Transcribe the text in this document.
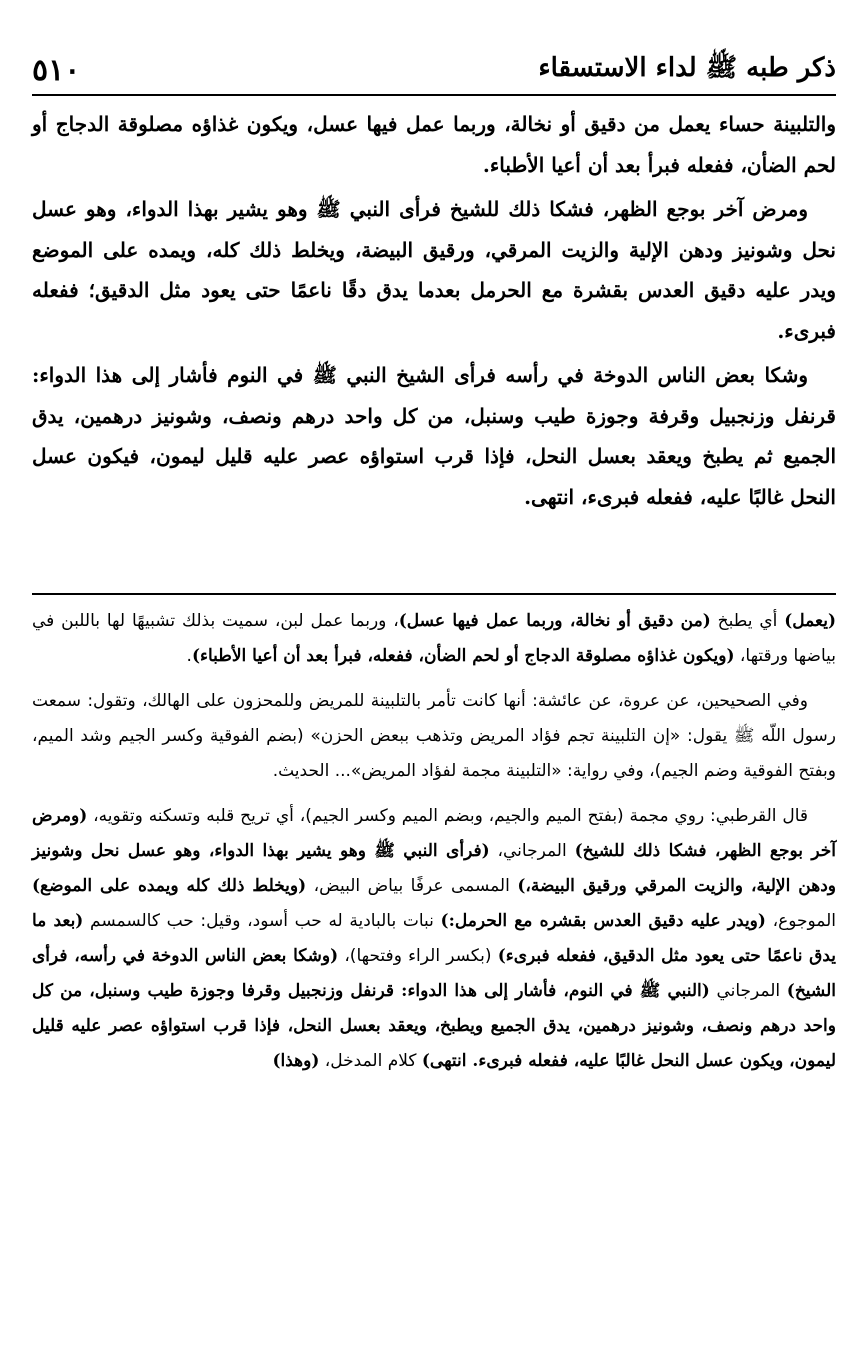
ذكر طبه ﷺ لداء الاستسقاء
٥١٠

والتلبينة حساء يعمل من دقيق أو نخالة، وربما عمل فيها عسل، ويكون غذاؤه مصلوقة الدجاج أو لحم الضأن، ففعله فبرأ بعد أن أعيا الأطباء.

ومرض آخر بوجع الظهر، فشكا ذلك للشيخ فرأى النبي ﷺ وهو يشير بهذا الدواء، وهو عسل نحل وشونيز ودهن الإلية والزيت المرقي، ورقيق البيضة، ويخلط ذلك كله، ويمده على الموضع ويدر عليه دقيق العدس بقشرة مع الحرمل بعدما يدق دقًا ناعمًا حتى يعود مثل الدقيق؛ ففعله فبرىء.

وشكا بعض الناس الدوخة في رأسه فرأى الشيخ النبي ﷺ في النوم فأشار إلى هذا الدواء: قرنفل وزنجبيل وقرفة وجوزة طيب وسنبل، من كل واحد درهم ونصف، وشونيز درهمين، يدق الجميع ثم يطبخ ويعقد بعسل النحل، فإذا قرب استواؤه عصر عليه قليل ليمون، فيكون عسل النحل غالبًا عليه، ففعله فبرىء، انتهى.

(يعمل) أي يطبخ (من دقيق أو نخالة، وربما عمل فيها عسل)، وربما عمل لبن، سميت بذلك تشبيهًا لها باللبن في بياضها ورقتها، (ويكون غذاؤه مصلوقة الدجاج أو لحم الضأن، ففعله، فبرأ بعد أن أعيا الأطباء).

وفي الصحيحين، عن عروة، عن عائشة: أنها كانت تأمر بالتلبينة للمريض وللمحزون على الهالك، وتقول: سمعت رسول اللّه ﷺ يقول: «إن التلبينة تجم فؤاد المريض وتذهب ببعض الحزن» (بضم الفوقية وكسر الجيم وشد الميم، وبفتح الفوقية وضم الجيم)، وفي رواية: «التلبينة مجمة لفؤاد المريض»... الحديث.

قال القرطبي: روي مجمة (بفتح الميم والجيم، وبضم الميم وكسر الجيم)، أي تريح قلبه وتسكنه وتقويه، (ومرض آخر بوجع الظهر، فشكا ذلك للشيخ) المرجاني، (فرأى النبي ﷺ وهو يشير بهذا الدواء، وهو عسل نحل وشونيز ودهن الإلية، والزيت المرقي ورقيق البيضة،) المسمى عرفًا بياض البيض، (ويخلط ذلك كله ويمده على الموضع) الموجوع، (ويدر عليه دقيق العدس بقشره مع الحرمل:) نبات بالبادية له حب أسود، وقيل: حب كالسمسم (بعد ما يدق ناعمًا حتى يعود مثل الدقيق، ففعله فبرىء) (بكسر الراء وفتحها)، (وشكا بعض الناس الدوخة في رأسه، فرأى الشيخ) المرجاني (النبي ﷺ في النوم، فأشار إلى هذا الدواء: قرنفل وزنجبيل وقرفا وجوزة طيب وسنبل، من كل واحد درهم ونصف، وشونيز درهمين، يدق الجميع ويطبخ، ويعقد بعسل النحل، فإذا قرب استواؤه عصر عليه قليل ليمون، ويكون عسل النحل غالبًا عليه، ففعله فبرىء. انتهى) كلام المدخل، (وهذا)
